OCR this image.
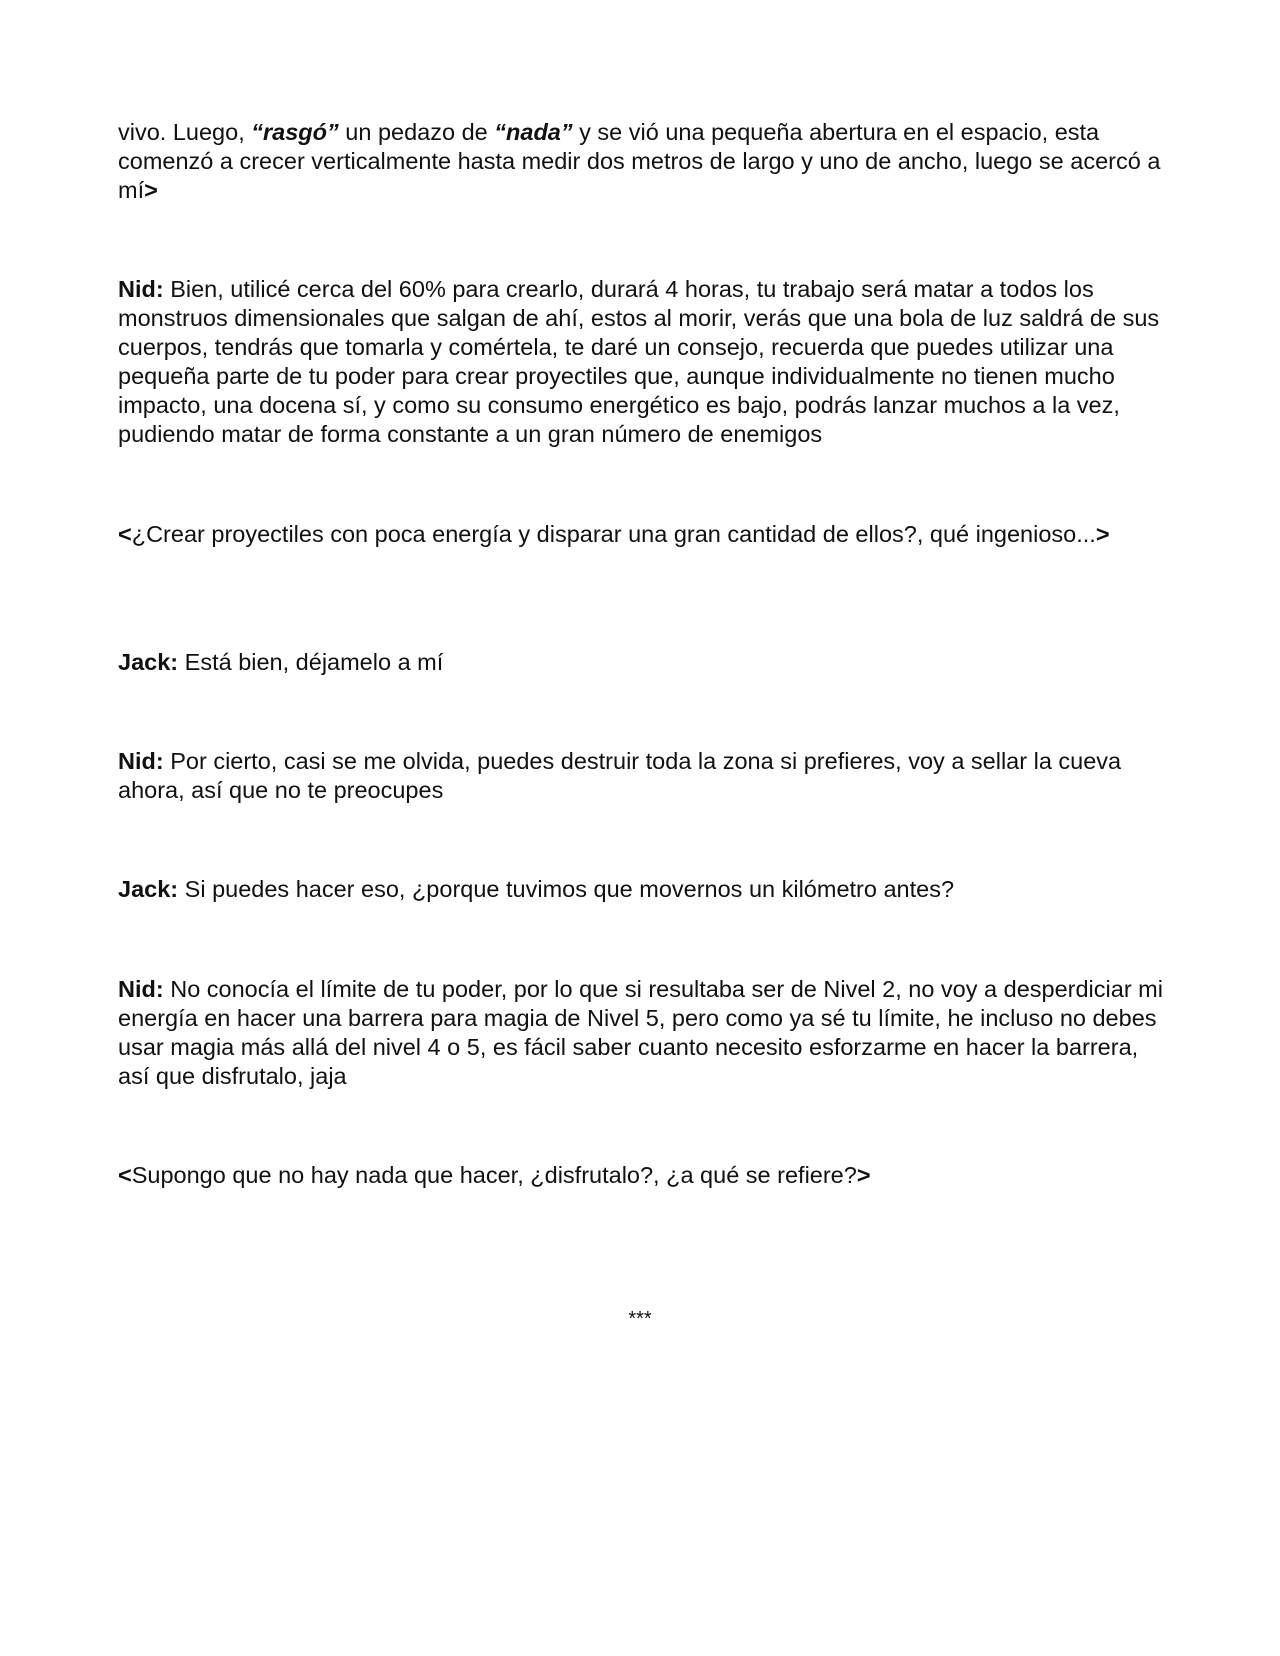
vivo. Luego, “rasgó” un pedazo de “nada” y se vió una pequeña abertura en el espacio, esta comenzó a crecer verticalmente hasta medir dos metros de largo y uno de ancho, luego se acercó a mí>

Nid: Bien, utilicé cerca del 60% para crearlo, durará 4 horas, tu trabajo será matar a todos los monstruos dimensionales que salgan de ahí, estos al morir, verás que una bola de luz saldrá de sus cuerpos, tendrás que tomarla y comértela, te daré un consejo, recuerda que puedes utilizar una pequeña parte de tu poder para crear proyectiles que, aunque individualmente no tienen mucho impacto, una docena sí, y como su consumo energético es bajo, podrás lanzar muchos a la vez, pudiendo matar de forma constante a un gran número de enemigos

<¿Crear proyectiles con poca energía y disparar una gran cantidad de ellos?, qué ingenioso...>

Jack: Está bien, déjamelo a mí

Nid: Por cierto, casi se me olvida, puedes destruir toda la zona si prefieres, voy a sellar la cueva ahora, así que no te preocupes

Jack: Si puedes hacer eso, ¿porque tuvimos que movernos un kilómetro antes?

Nid: No conocía el límite de tu poder, por lo que si resultaba ser de Nivel 2, no voy a desperdiciar mi energía en hacer una barrera para magia de Nivel 5, pero como ya sé tu límite, he incluso no debes usar magia más allá del nivel 4 o 5, es fácil saber cuanto necesito esforzarme en hacer la barrera, así que disfrutalo, jaja

<Supongo que no hay nada que hacer, ¿disfrutalo?, ¿a qué se refiere?>

***
